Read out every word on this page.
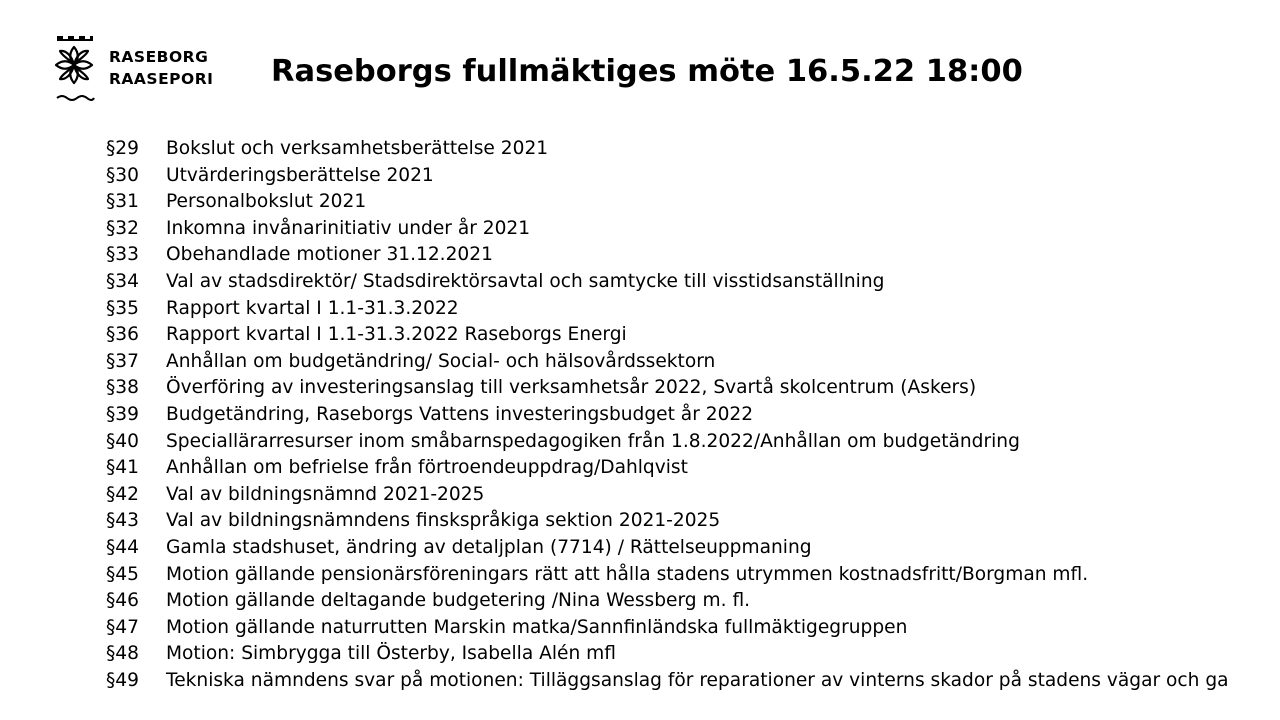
RASEBORG
RAASEPORI Raseborgs fullmäktiges möte 16.5.22 18:00
§29 Bokslut och verksamhetsberättelse 2021
§30 Utvärderingsberättelse 2021
§31 Personalbokslut 2021
§32 Inkomna invånarinitiativ under år 2021
§33 Obehandlade motioner 31.12.2021
§34 Val av stadsdirektör/ Stadsdirektörsavtal och samtycke till visstidsanställning
§35 Rapport kvartal I 1.1-31.3.2022
§36 Rapport kvartal I 1.1-31.3.2022 Raseborgs Energi
§37 Anhållan om budgetändring/ Social- och hälsovårdssektorn
§38 Överföring av investeringsanslag till verksamhetsår 2022, Svartå skolcentrum (Askers)
§39 Budgetändring, Raseborgs Vattens investeringsbudget år 2022
§40 Speciallärarresurser inom småbarnspedagogiken från 1.8.2022/Anhållan om budgetändring
§41 Anhållan om befrielse från förtroendeuppdrag/Dahlqvist
§42 Val av bildningsnämnd 2021-2025
§43 Val av bildningsnämndens finskspråkiga sektion 2021-2025
§44 Gamla stadshuset, ändring av detaljplan (7714) / Rättelseuppmaning
§45 Motion gällande pensionärsföreningars rätt att hålla stadens utrymmen kostnadsfritt/Borgman mfl.
§46 Motion gällande deltagande budgetering /Nina Wessberg m. fl.
§47 Motion gällande naturrutten Marskin matka/Sannfinländska fullmäktigegruppen
§48 Motion: Simbrygga till Österby, Isabella Alén mfl
§49 Tekniska nämndens svar på motionen: Tilläggsanslag för reparationer av vinterns skador på stadens vägar och ga
